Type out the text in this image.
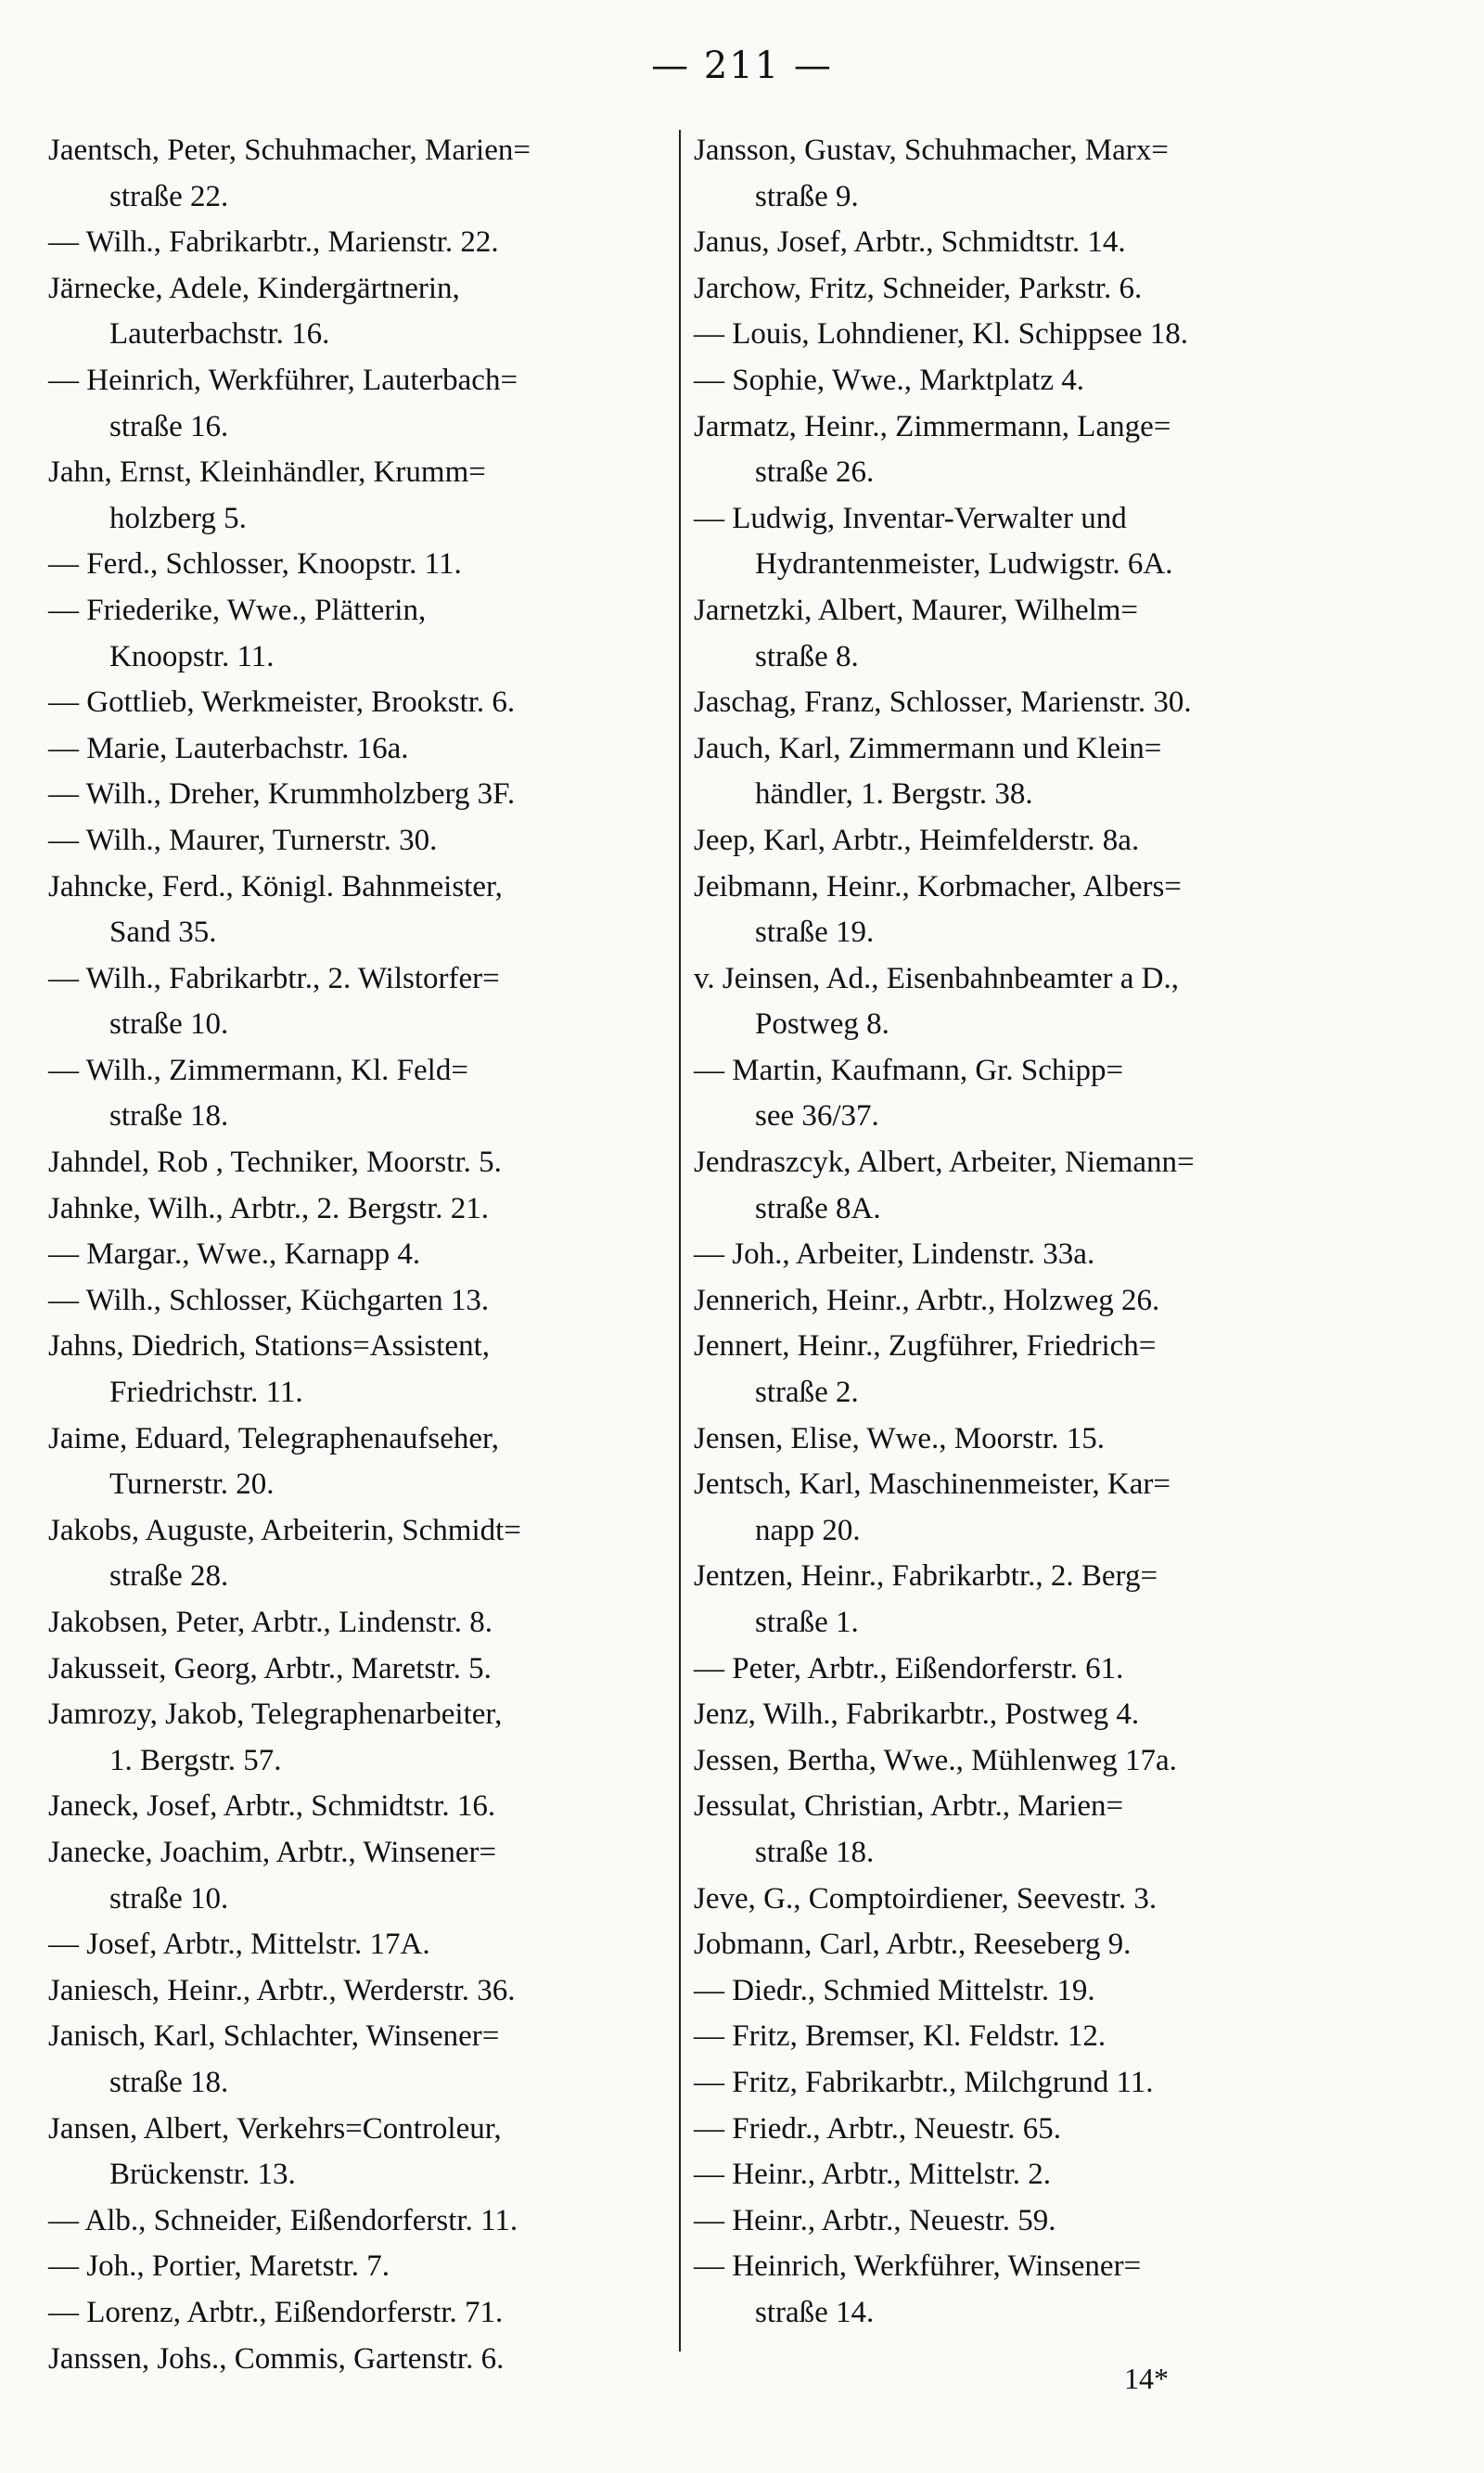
— 211 —
Jaentsch, Peter, Schuhmacher, Marien=
straße 22.
— Wilh., Fabrikarbtr., Marienstr. 22.
Järnecke, Adele, Kindergärtnerin,
Lauterbachstr. 16.
— Heinrich, Werkführer, Lauterbach=
straße 16.
Jahn, Ernst, Kleinhändler, Krumm=
holzberg 5.
— Ferd., Schlosser, Knoopstr. 11.
— Friederike, Wwe., Plätterin,
Knoopstr. 11.
— Gottlieb, Werkmeister, Brookstr. 6.
— Marie, Lauterbachstr. 16a.
— Wilh., Dreher, Krummholzberg 3F.
— Wilh., Maurer, Turnerstr. 30.
Jahncke, Ferd., Königl. Bahnmeister,
Sand 35.
— Wilh., Fabrikarbtr., 2. Wilstorfer=
straße 10.
— Wilh., Zimmermann, Kl. Feld=
straße 18.
Jahndel, Rob , Techniker, Moorstr. 5.
Jahnke, Wilh., Arbtr., 2. Bergstr. 21.
— Margar., Wwe., Karnapp 4.
— Wilh., Schlosser, Küchgarten 13.
Jahns, Diedrich, Stations=Assistent,
Friedrichstr. 11.
Jaime, Eduard, Telegraphenaufseher,
Turnerstr. 20.
Jakobs, Auguste, Arbeiterin, Schmidt=
straße 28.
Jakobsen, Peter, Arbtr., Lindenstr. 8.
Jakusseit, Georg, Arbtr., Maretstr. 5.
Jamrozy, Jakob, Telegraphenarbeiter,
1. Bergstr. 57.
Janeck, Josef, Arbtr., Schmidtstr. 16.
Janecke, Joachim, Arbtr., Winsener=
straße 10.
— Josef, Arbtr., Mittelstr. 17A.
Janiesch, Heinr., Arbtr., Werderstr. 36.
Janisch, Karl, Schlachter, Winsener=
straße 18.
Jansen, Albert, Verkehrs=Controleur,
Brückenstr. 13.
— Alb., Schneider, Eißendorferstr. 11.
— Joh., Portier, Maretstr. 7.
— Lorenz, Arbtr., Eißendorferstr. 71.
Janssen, Johs., Commis, Gartenstr. 6.
Jansson, Gustav, Schuhmacher, Marx=
straße 9.
Janus, Josef, Arbtr., Schmidtstr. 14.
Jarchow, Fritz, Schneider, Parkstr. 6.
— Louis, Lohndiener, Kl. Schippsee 18.
— Sophie, Wwe., Marktplatz 4.
Jarmatz, Heinr., Zimmermann, Lange=
straße 26.
— Ludwig, Inventar-Verwalter und
Hydrantenmeister, Ludwigstr. 6A.
Jarnetzki, Albert, Maurer, Wilhelm=
straße 8.
Jaschag, Franz, Schlosser, Marienstr. 30.
Jauch, Karl, Zimmermann und Klein=
händler, 1. Bergstr. 38.
Jeep, Karl, Arbtr., Heimfelderstr. 8a.
Jeibmann, Heinr., Korbmacher, Albers=
straße 19.
v. Jeinsen, Ad., Eisenbahnbeamter a D.,
Postweg 8.
— Martin, Kaufmann, Gr. Schipp=
see 36/37.
Jendraszcyk, Albert, Arbeiter, Niemann=
straße 8A.
— Joh., Arbeiter, Lindenstr. 33a.
Jennerich, Heinr., Arbtr., Holzweg 26.
Jennert, Heinr., Zugführer, Friedrich=
straße 2.
Jensen, Elise, Wwe., Moorstr. 15.
Jentsch, Karl, Maschinenmeister, Kar=
napp 20.
Jentzen, Heinr., Fabrikarbtr., 2. Berg=
straße 1.
— Peter, Arbtr., Eißendorferstr. 61.
Jenz, Wilh., Fabrikarbtr., Postweg 4.
Jessen, Bertha, Wwe., Mühlenweg 17a.
Jessulat, Christian, Arbtr., Marien=
straße 18.
Jeve, G., Comptoirdiener, Seevestr. 3.
Jobmann, Carl, Arbtr., Reeseberg 9.
— Diedr., Schmied Mittelstr. 19.
— Fritz, Bremser, Kl. Feldstr. 12.
— Fritz, Fabrikarbtr., Milchgrund 11.
— Friedr., Arbtr., Neuestr. 65.
— Heinr., Arbtr., Mittelstr. 2.
— Heinr., Arbtr., Neuestr. 59.
— Heinrich, Werkführer, Winsener=
straße 14.
14*
